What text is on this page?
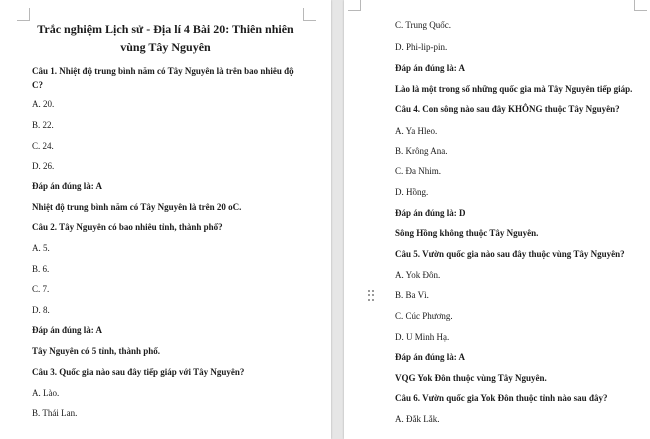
Trắc nghiệm Lịch sử - Địa lí 4 Bài 20: Thiên nhiên
vùng Tây Nguyên
Câu 1. Nhiệt độ trung bình năm có Tây Nguyên là trên bao nhiêu độ
C?
A. 20.
B. 22.
C. 24.
D. 26.
Đáp án đúng là: A
Nhiệt độ trung bình năm có Tây Nguyên là trên 20 oC.
Câu 2. Tây Nguyên có bao nhiêu tỉnh, thành phố?
A. 5.
B. 6.
C. 7.
D. 8.
Đáp án đúng là: A
Tây Nguyên có 5 tỉnh, thành phố.
Câu 3. Quốc gia nào sau đây tiếp giáp với Tây Nguyên?
A. Lào.
B. Thái Lan.
C. Trung Quốc.
D. Phi-lip-pin.
Đáp án đúng là: A
Lào là một trong số những quốc gia mà Tây Nguyên tiếp giáp.
Câu 4. Con sông nào sau đây KHÔNG thuộc Tây Nguyên?
A. Ya Hleo.
B. Krông Ana.
C. Đa Nhim.
D. Hồng.
Đáp án đúng là: D
Sông Hồng không thuộc Tây Nguyên.
Câu 5. Vườn quốc gia nào sau đây thuộc vùng Tây Nguyên?
A. Yok Đôn.
B. Ba Vì.
C. Cúc Phương.
D. U Minh Hạ.
Đáp án đúng là: A
VQG Yok Đôn thuộc vùng Tây Nguyên.
Câu 6. Vườn quốc gia Yok Đôn thuộc tỉnh nào sau đây?
A. Đắk Lắk.
